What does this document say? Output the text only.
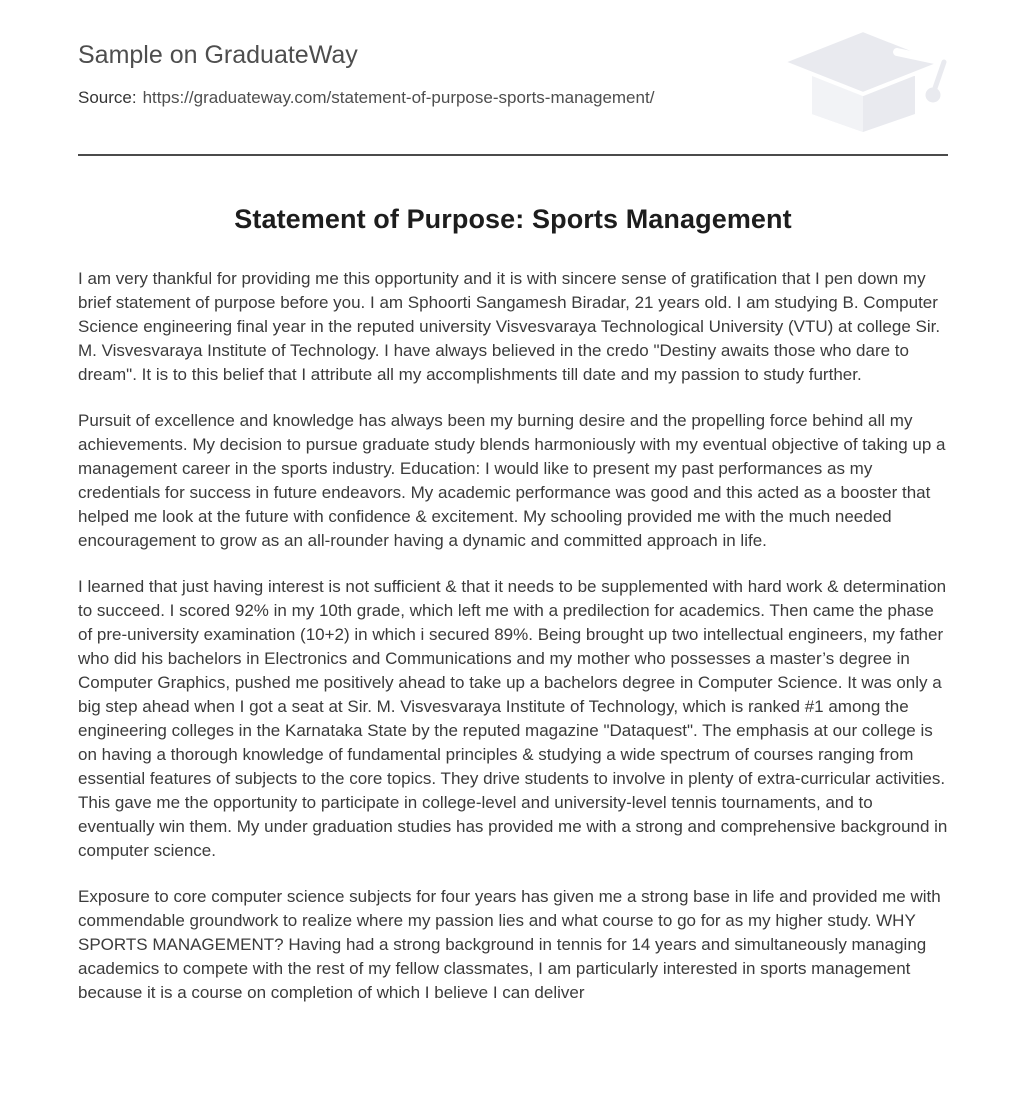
Sample on GraduateWay
Source: https://graduateway.com/statement-of-purpose-sports-management/
Statement of Purpose: Sports Management

I am very thankful for providing me this opportunity and it is with sincere sense of gratification that I pen down my brief statement of purpose before you. I am Sphoorti Sangamesh Biradar, 21 years old. I am studying B. Computer Science engineering final year in the reputed university Visvesvaraya Technological University (VTU) at college Sir. M. Visvesvaraya Institute of Technology. I have always believed in the credo "Destiny awaits those who dare to dream". It is to this belief that I attribute all my accomplishments till date and my passion to study further.

Pursuit of excellence and knowledge has always been my burning desire and the propelling force behind all my achievements. My decision to pursue graduate study blends harmoniously with my eventual objective of taking up a management career in the sports industry. Education: I would like to present my past performances as my credentials for success in future endeavors. My academic performance was good and this acted as a booster that helped me look at the future with confidence & excitement. My schooling provided me with the much needed encouragement to grow as an all-rounder having a dynamic and committed approach in life.

I learned that just having interest is not sufficient & that it needs to be supplemented with hard work & determination to succeed. I scored 92% in my 10th grade, which left me with a predilection for academics. Then came the phase of pre-university examination (10+2) in which i secured 89%. Being brought up two intellectual engineers, my father who did his bachelors in Electronics and Communications and my mother who possesses a master’s degree in Computer Graphics, pushed me positively ahead to take up a bachelors degree in Computer Science. It was only a big step ahead when I got a seat at Sir. M. Visvesvaraya Institute of Technology, which is ranked #1 among the engineering colleges in the Karnataka State by the reputed magazine "Dataquest". The emphasis at our college is on having a thorough knowledge of fundamental principles & studying a wide spectrum of courses ranging from essential features of subjects to the core topics. They drive students to involve in plenty of extra-curricular activities. This gave me the opportunity to participate in college-level and university-level tennis tournaments, and to eventually win them. My under graduation studies has provided me with a strong and comprehensive background in computer science.

Exposure to core computer science subjects for four years has given me a strong base in life and provided me with commendable groundwork to realize where my passion lies and what course to go for as my higher study. WHY SPORTS MANAGEMENT? Having had a strong background in tennis for 14 years and simultaneously managing academics to compete with the rest of my fellow classmates, I am particularly interested in sports management because it is a course on completion of which I believe I can deliver
